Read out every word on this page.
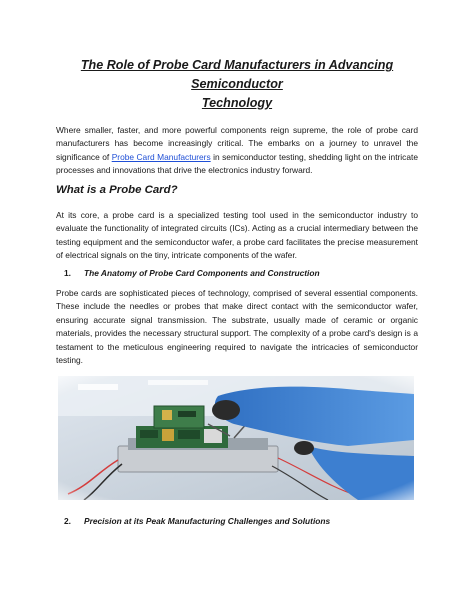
The Role of Probe Card Manufacturers in Advancing Semiconductor
Technology

Where smaller, faster, and more powerful components reign supreme, the role of probe card manufacturers has become increasingly critical. The embarks on a journey to unravel the significance of Probe Card Manufacturers in semiconductor testing, shedding light on the intricate processes and innovations that drive the electronics industry forward.

What is a Probe Card?

At its core, a probe card is a specialized testing tool used in the semiconductor industry to evaluate the functionality of integrated circuits (ICs). Acting as a crucial intermediary between the testing equipment and the semiconductor wafer, a probe card facilitates the precise measurement of electrical signals on the tiny, intricate components of the wafer.

1. The Anatomy of Probe Card Components and Construction

Probe cards are sophisticated pieces of technology, comprised of several essential components. These include the needles or probes that make direct contact with the semiconductor wafer, ensuring accurate signal transmission. The substrate, usually made of ceramic or organic materials, provides the necessary structural support. The complexity of a probe card's design is a testament to the meticulous engineering required to navigate the intricacies of semiconductor testing.

2. Precision at its Peak Manufacturing Challenges and Solutions
